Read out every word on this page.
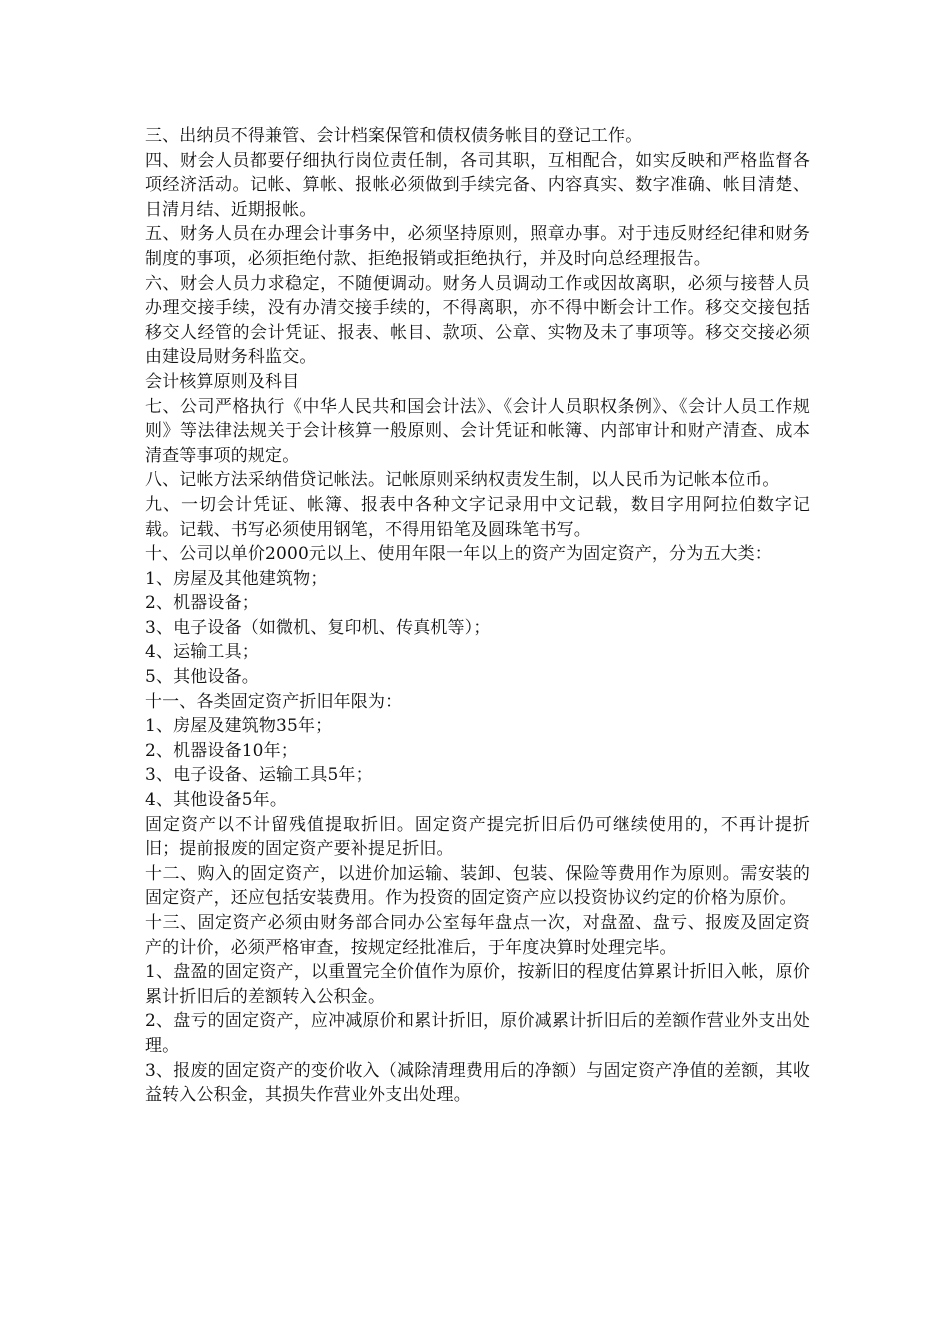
三、出纳员不得兼管、会计档案保管和债权债务帐目的登记工作。

四、财会人员都要仔细执行岗位责任制，各司其职，互相配合，如实反映和严格监督各项经济活动。记帐、算帐、报帐必须做到手续完备、内容真实、数字准确、帐目清楚、日清月结、近期报帐。

五、财务人员在办理会计事务中，必须坚持原则，照章办事。对于违反财经纪律和财务制度的事项，必须拒绝付款、拒绝报销或拒绝执行，并及时向总经理报告。

六、财会人员力求稳定，不随便调动。财务人员调动工作或因故离职，必须与接替人员办理交接手续，没有办清交接手续的，不得离职，亦不得中断会计工作。移交交接包括移交人经管的会计凭证、报表、帐目、款项、公章、实物及未了事项等。移交交接必须由建设局财务科监交。

会计核算原则及科目

七、公司严格执行《中华人民共和国会计法》、《会计人员职权条例》、《会计人员工作规则》等法律法规关于会计核算一般原则、会计凭证和帐簿、内部审计和财产清查、成本清查等事项的规定。

八、记帐方法采纳借贷记帐法。记帐原则采纳权责发生制，以人民币为记帐本位币。

九、一切会计凭证、帐簿、报表中各种文字记录用中文记载，数目字用阿拉伯数字记载。记载、书写必须使用钢笔，不得用铅笔及圆珠笔书写。

十、公司以单价2000元以上、使用年限一年以上的资产为固定资产，分为五大类：

1、房屋及其他建筑物；

2、机器设备；

3、电子设备（如微机、复印机、传真机等）；

4、运输工具；

5、其他设备。

十一、各类固定资产折旧年限为：

1、房屋及建筑物35年；

2、机器设备10年；

3、电子设备、运输工具5年；

4、其他设备5年。

固定资产以不计留残值提取折旧。固定资产提完折旧后仍可继续使用的，不再计提折旧；提前报废的固定资产要补提足折旧。

十二、购入的固定资产，以进价加运输、装卸、包装、保险等费用作为原则。需安装的固定资产，还应包括安装费用。作为投资的固定资产应以投资协议约定的价格为原价。

十三、固定资产必须由财务部合同办公室每年盘点一次，对盘盈、盘亏、报废及固定资产的计价，必须严格审查，按规定经批准后，于年度决算时处理完毕。

1、盘盈的固定资产，以重置完全价值作为原价，按新旧的程度估算累计折旧入帐，原价累计折旧后的差额转入公积金。

2、盘亏的固定资产，应冲减原价和累计折旧，原价减累计折旧后的差额作营业外支出处理。

3、报废的固定资产的变价收入（减除清理费用后的净额）与固定资产净值的差额，其收益转入公积金，其损失作营业外支出处理。
